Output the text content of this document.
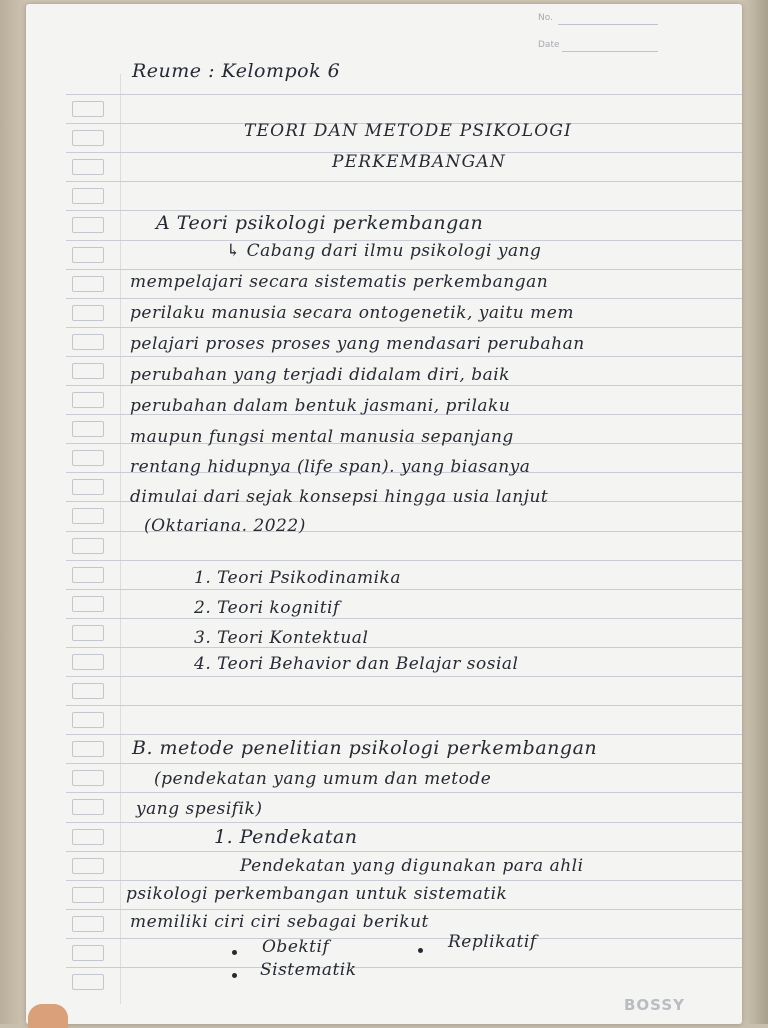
No.
Date
Reume : Kelompok 6
TEORI DAN METODE PSIKOLOGI
PERKEMBANGAN
A Teori psikologi perkembangan
↳ Cabang dari ilmu psikologi yang
mempelajari secara sistematis perkembangan
perilaku manusia secara ontogenetik, yaitu mem
pelajari proses proses yang mendasari perubahan
perubahan yang terjadi didalam diri, baik
perubahan dalam bentuk jasmani, prilaku
maupun fungsi mental manusia sepanjang
rentang hidupnya (life span). yang biasanya
dimulai dari sejak konsepsi hingga usia lanjut
(Oktariana. 2022)
1. Teori Psikodinamika
2. Teori kognitif
3. Teori Kontektual
4. Teori Behavior dan Belajar sosial
B. metode penelitian psikologi perkembangan
(pendekatan yang umum dan metode
yang spesifik)
1. Pendekatan
Pendekatan yang digunakan para ahli
psikologi perkembangan untuk sistematik
memiliki ciri ciri sebagai berikut
Obektif	Replikatif
Sistematik
BOSSY
